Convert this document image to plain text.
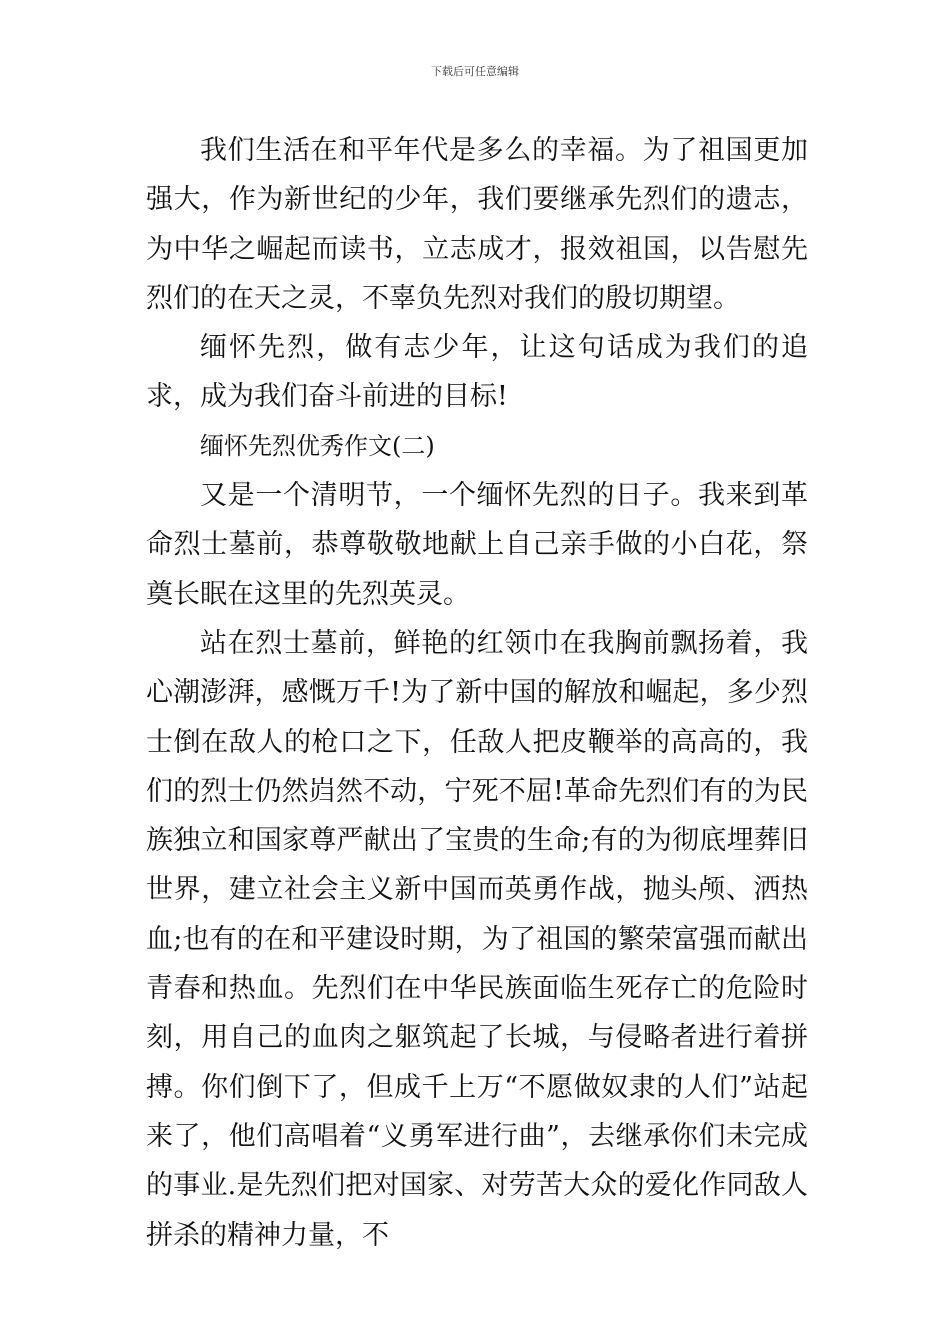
下载后可任意编辑

我们生活在和平年代是多么的幸福。为了祖国更加强大，作为新世纪的少年，我们要继承先烈们的遗志，为中华之崛起而读书，立志成才，报效祖国，以告慰先烈们的在天之灵，不辜负先烈对我们的殷切期望。

缅怀先烈，做有志少年，让这句话成为我们的追求，成为我们奋斗前进的目标!

缅怀先烈优秀作文(二)

又是一个清明节，一个缅怀先烈的日子。我来到革命烈士墓前，恭尊敬敬地献上自己亲手做的小白花，祭奠长眠在这里的先烈英灵。

站在烈士墓前，鲜艳的红领巾在我胸前飘扬着，我心潮澎湃，感慨万千!为了新中国的解放和崛起，多少烈士倒在敌人的枪口之下，任敌人把皮鞭举的高高的，我们的烈士仍然岿然不动，宁死不屈!革命先烈们有的为民族独立和国家尊严献出了宝贵的生命;有的为彻底埋葬旧世界，建立社会主义新中国而英勇作战，抛头颅、洒热血;也有的在和平建设时期，为了祖国的繁荣富强而献出青春和热血。先烈们在中华民族面临生死存亡的危险时刻，用自己的血肉之躯筑起了长城，与侵略者进行着拼搏。你们倒下了，但成千上万“不愿做奴隶的人们”站起来了，他们高唱着“义勇军进行曲”，去继承你们未完成的事业.是先烈们把对国家、对劳苦大众的爱化作同敌人拼杀的精神力量，不
